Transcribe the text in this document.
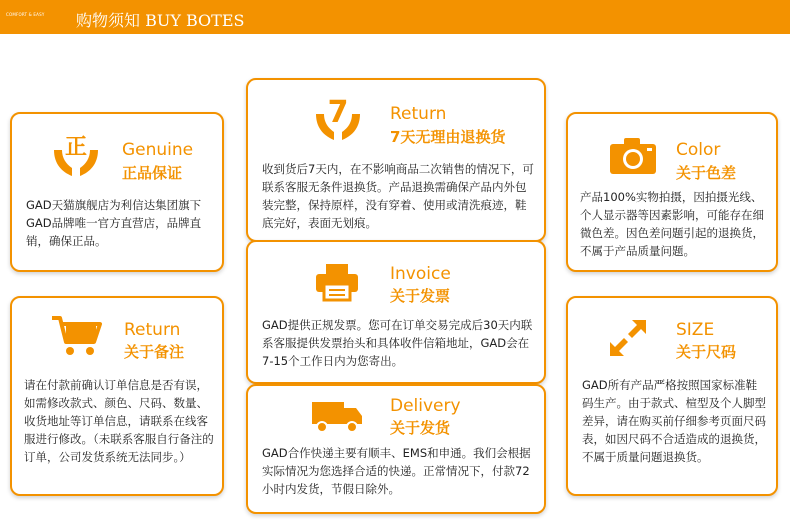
COMFORT & EASY	购物须知 BUY BOTES
正 Genuine
正品保证
GAD天猫旗舰店为利信达集团旗下GAD品牌唯一官方直营店，品牌直销，确保正品。
7 Return
7天无理由退换货
收到货后7天内，在不影响商品二次销售的情况下，可联系客服无条件退换货。产品退换需确保产品内外包装完整，保持原样，没有穿着、使用或清洗痕迹，鞋底完好，表面无划痕。
Color
关于色差
产品100%实物拍摄，因拍摄光线、个人显示器等因素影响，可能存在细微色差。因色差问题引起的退换货，不属于产品质量问题。
Invoice
关于发票
GAD提供正规发票。您可在订单交易完成后30天内联系客服提供发票抬头和具体收件信箱地址，GAD会在7-15个工作日内为您寄出。
Return
关于备注
请在付款前确认订单信息是否有误，如需修改款式、颜色、尺码、数量、收货地址等订单信息，请联系在线客服进行修改。（未联系客服自行备注的订单，公司发货系统无法同步。）
Delivery
关于发货
GAD合作快递主要有顺丰、EMS和申通。我们会根据实际情况为您选择合适的快递。正常情况下，付款72小时内发货，节假日除外。
SIZE
关于尺码
GAD所有产品严格按照国家标准鞋码生产。由于款式、楦型及个人脚型差异，请在购买前仔细参考页面尺码表，如因尺码不合适造成的退换货，不属于质量问题退换货。
